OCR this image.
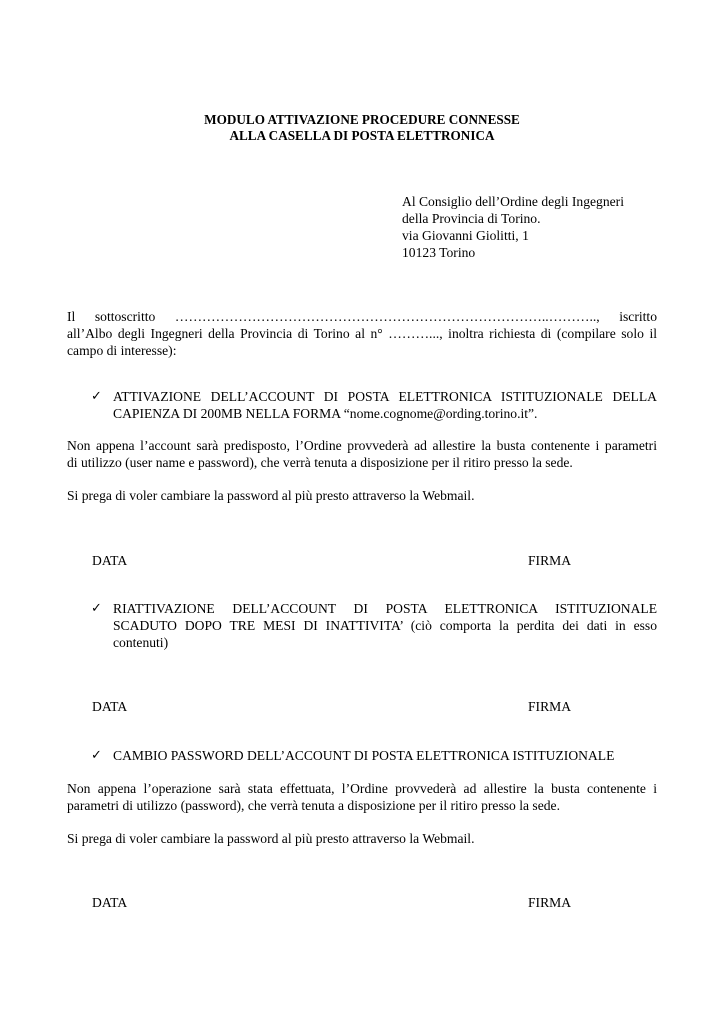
MODULO ATTIVAZIONE PROCEDURE CONNESSE

ALLA CASELLA DI POSTA ELETTRONICA

Al Consiglio dell’Ordine degli Ingegneri
della Provincia di Torino.
via Giovanni Giolitti, 1
10123 Torino
Il sottoscritto ………………………………………………………………………..……….., iscritto
all’Albo degli Ingegneri della Provincia di Torino al n° ………..., inoltra richiesta di (compilare solo il
campo di interesse):
✓ ATTIVAZIONE DELL’ACCOUNT DI POSTA ELETTRONICA ISTITUZIONALE DELLA
CAPIENZA DI 200MB NELLA FORMA “nome.cognome@ording.torino.it”.
Non appena l’account sarà predisposto, l’Ordine provvederà ad allestire la busta contenente i parametri
di utilizzo (user name e password), che verrà tenuta a disposizione per il ritiro presso la sede.

Si prega di voler cambiare la password al più presto attraverso la Webmail.

DATA	FIRMA

✓ RIATTIVAZIONE DELL’ACCOUNT DI POSTA ELETTRONICA ISTITUZIONALE
SCADUTO DOPO TRE MESI DI INATTIVITA’ (ciò comporta la perdita dei dati in esso
contenuti)

DATA	FIRMA

✓ CAMBIO PASSWORD DELL’ACCOUNT DI POSTA ELETTRONICA ISTITUZIONALE
Non appena l’operazione sarà stata effettuata, l’Ordine provvederà ad allestire la busta contenente i
parametri di utilizzo (password), che verrà tenuta a disposizione per il ritiro presso la sede.

Si prega di voler cambiare la password al più presto attraverso la Webmail.

DATA	FIRMA
